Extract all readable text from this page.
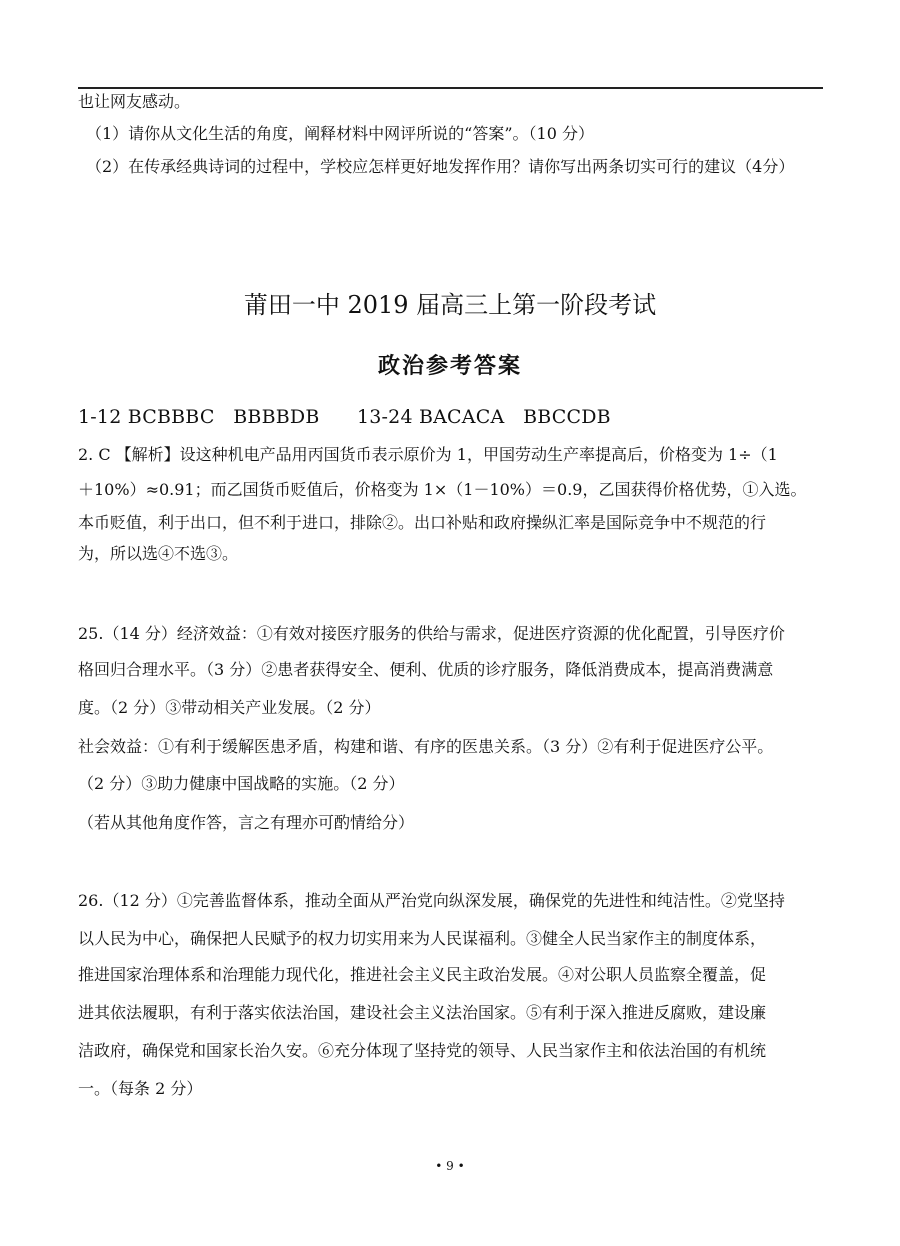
也让网友感动。
（1）请你从文化生活的角度，阐释材料中网评所说的“答案”。（10 分）
（2）在传承经典诗词的过程中，学校应怎样更好地发挥作用？请你写出两条切实可行的建议（4分）
莆田一中 2019 届高三上第一阶段考试
政治参考答案
1-12 BCBBBC   BBBBDB      13-24 BACACA   BBCCDB
2. C 【解析】设这种机电产品用丙国货币表示原价为 1，甲国劳动生产率提高后，价格变为 1÷（1
＋10%）≈0.91；而乙国货币贬值后，价格变为 1×（1－10%）＝0.9，乙国获得价格优势，①入选。
本币贬值，利于出口，但不利于进口，排除②。出口补贴和政府操纵汇率是国际竞争中不规范的行
为，所以选④不选③。
25.（14 分）经济效益：①有效对接医疗服务的供给与需求，促进医疗资源的优化配置，引导医疗价
格回归合理水平。（3 分）②患者获得安全、便利、优质的诊疗服务，降低消费成本，提高消费满意
度。（2 分）③带动相关产业发展。（2 分）
社会效益：①有利于缓解医患矛盾，构建和谐、有序的医患关系。（3 分）②有利于促进医疗公平。
（2 分）③助力健康中国战略的实施。（2 分）
（若从其他角度作答，言之有理亦可酌情给分）
26.（12 分）①完善监督体系，推动全面从严治党向纵深发展，确保党的先进性和纯洁性。②党坚持
以人民为中心，确保把人民赋予的权力切实用来为人民谋福利。③健全人民当家作主的制度体系，
推进国家治理体系和治理能力现代化，推进社会主义民主政治发展。④对公职人员监察全覆盖，促
进其依法履职，有利于落实依法治国，建设社会主义法治国家。⑤有利于深入推进反腐败，建设廉
洁政府，确保党和国家长治久安。⑥充分体现了坚持党的领导、人民当家作主和依法治国的有机统
一。（每条 2 分）
• 9 •
